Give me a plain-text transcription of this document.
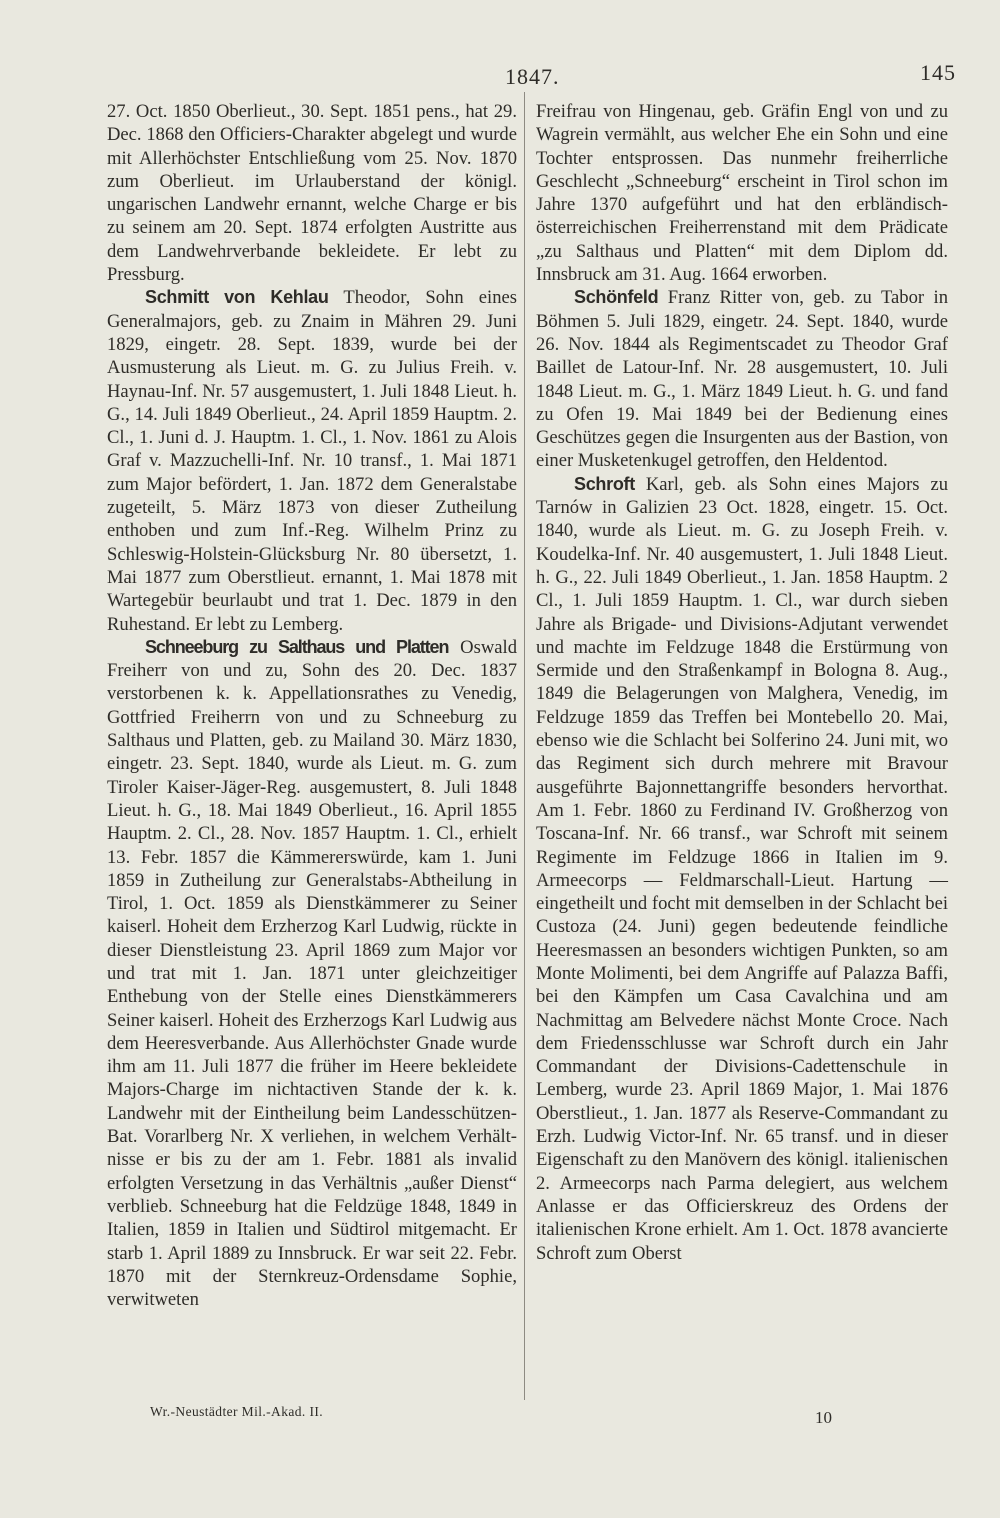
1847.	145

27. Oct. 1850 Oberlieut., 30. Sept. 1851 pens., hat 29. Dec. 1868 den Officiers-Charakter abgelegt und wurde mit Allerhöchster Entschließung vom 25. Nov. 1870 zum Oberlieut. im Urlauberstand der königl. ungarischen Landwehr ernannt, welche Charge er bis zu seinem am 20. Sept. 1874 erfolgten Austritte aus dem Landwehrverbande bekleidete. Er lebt zu Pressburg.

Schmitt von Kehlau Theodor, Sohn eines Generalmajors, geb. zu Znaim in Mähren 29. Juni 1829, eingetr. 28. Sept. 1839, wurde bei der Ausmusterung als Lieut. m. G. zu Julius Freih. v. Haynau-Inf. Nr. 57 ausgemustert, 1. Juli 1848 Lieut. h. G., 14. Juli 1849 Oberlieut., 24. April 1859 Hauptm. 2. Cl., 1. Juni d. J. Hauptm. 1. Cl., 1. Nov. 1861 zu Alois Graf v. Mazzuchelli-Inf. Nr. 10 transf., 1. Mai 1871 zum Major befördert, 1. Jan. 1872 dem Generalstabe zugeteilt, 5. März 1873 von dieser Zutheilung enthoben und zum Inf.-Reg. Wilhelm Prinz zu Schleswig-Holstein-Glücksburg Nr. 80 übersetzt, 1. Mai 1877 zum Oberstlieut. ernannt, 1. Mai 1878 mit Wartegebür beurlaubt und trat 1. Dec. 1879 in den Ruhestand. Er lebt zu Lemberg.

Schneeburg zu Salthaus und Platten Oswald Freiherr von und zu, Sohn des 20. Dec. 1837 verstorbenen k. k. Appellationsrathes zu Venedig, Gottfried Freiherrn von und zu Schneeburg zu Salthaus und Platten, geb. zu Mailand 30. März 1830, eingetr. 23. Sept. 1840, wurde als Lieut. m. G. zum Tiroler Kaiser-Jäger-Reg. ausgemustert, 8. Juli 1848 Lieut. h. G., 18. Mai 1849 Oberlieut., 16. April 1855 Hauptm. 2. Cl., 28. Nov. 1857 Hauptm. 1. Cl., erhielt 13. Febr. 1857 die Kämmererswürde, kam 1. Juni 1859 in Zutheilung zur Generalstabs-Abtheilung in Tirol, 1. Oct. 1859 als Dienstkämmerer zu Seiner kaiserl. Hoheit dem Erzherzog Karl Ludwig, rückte in dieser Dienstleistung 23. April 1869 zum Major vor und trat mit 1. Jan. 1871 unter gleichzeitiger Enthebung von der Stelle eines Dienstkämmerers Seiner kaiserl. Hoheit des Erzherzogs Karl Ludwig aus dem Heeresverbande. Aus Allerhöchster Gnade wurde ihm am 11. Juli 1877 die früher im Heere bekleidete Majors-Charge im nichtactiven Stande der k. k. Landwehr mit der Eintheilung beim Landesschützen-Bat. Vorarlberg Nr. X verliehen, in welchem Verhältnisse er bis zu der am 1. Febr. 1881 als invalid erfolgten Versetzung in das Verhältnis „außer Dienst“ verblieb. Schneeburg hat die Feldzüge 1848, 1849 in Italien, 1859 in Italien und Südtirol mitgemacht. Er starb 1. April 1889 zu Innsbruck. Er war seit 22. Febr. 1870 mit der Sternkreuz-Ordensdame Sophie, verwitweten

Freifrau von Hingenau, geb. Gräfin Engl von und zu Wagrein vermählt, aus welcher Ehe ein Sohn und eine Tochter entsprossen. Das nunmehr freiherrliche Geschlecht „Schneeburg“ erscheint in Tirol schon im Jahre 1370 aufgeführt und hat den erbländisch-österreichischen Freiherrenstand mit dem Prädicate „zu Salthaus und Platten“ mit dem Diplom dd. Innsbruck am 31. Aug. 1664 erworben.

Schönfeld Franz Ritter von, geb. zu Tabor in Böhmen 5. Juli 1829, eingetr. 24. Sept. 1840, wurde 26. Nov. 1844 als Regimentscadet zu Theodor Graf Baillet de Latour-Inf. Nr. 28 ausgemustert, 10. Juli 1848 Lieut. m. G., 1. März 1849 Lieut. h. G. und fand zu Ofen 19. Mai 1849 bei der Bedienung eines Geschützes gegen die Insurgenten aus der Bastion, von einer Musketenkugel getroffen, den Heldentod.

Schroft Karl, geb. als Sohn eines Majors zu Tarnów in Galizien 23 Oct. 1828, eingetr. 15. Oct. 1840, wurde als Lieut. m. G. zu Joseph Freih. v. Koudelka-Inf. Nr. 40 ausgemustert, 1. Juli 1848 Lieut. h. G., 22. Juli 1849 Oberlieut., 1. Jan. 1858 Hauptm. 2 Cl., 1. Juli 1859 Hauptm. 1. Cl., war durch sieben Jahre als Brigade- und Divisions-Adjutant verwendet und machte im Feldzuge 1848 die Erstürmung von Sermide und den Straßenkampf in Bologna 8. Aug., 1849 die Belagerungen von Malghera, Venedig, im Feldzuge 1859 das Treffen bei Montebello 20. Mai, ebenso wie die Schlacht bei Solferino 24. Juni mit, wo das Regiment sich durch mehrere mit Bravour ausgeführte Bajonnettangriffe besonders hervorthat. Am 1. Febr. 1860 zu Ferdinand IV. Großherzog von Toscana-Inf. Nr. 66 transf., war Schroft mit seinem Regimente im Feldzuge 1866 in Italien im 9. Armeecorps — Feldmarschall-Lieut. Hartung — eingetheilt und focht mit demselben in der Schlacht bei Custoza (24. Juni) gegen bedeutende feindliche Heeresmassen an besonders wichtigen Punkten, so am Monte Molimenti, bei dem Angriffe auf Palazza Baffi, bei den Kämpfen um Casa Cavalchina und am Nachmittag am Belvedere nächst Monte Croce. Nach dem Friedensschlusse war Schroft durch ein Jahr Commandant der Divisions-Cadettenschule in Lemberg, wurde 23. April 1869 Major, 1. Mai 1876 Oberstlieut., 1. Jan. 1877 als Reserve-Commandant zu Erzh. Ludwig Victor-Inf. Nr. 65 transf. und in dieser Eigenschaft zu den Manövern des königl. italienischen 2. Armeecorps nach Parma delegiert, aus welchem Anlasse er das Officierskreuz des Ordens der italienischen Krone erhielt. Am 1. Oct. 1878 avancierte Schroft zum Oberst

Wr.-Neustädter Mil.-Akad. II.	10
